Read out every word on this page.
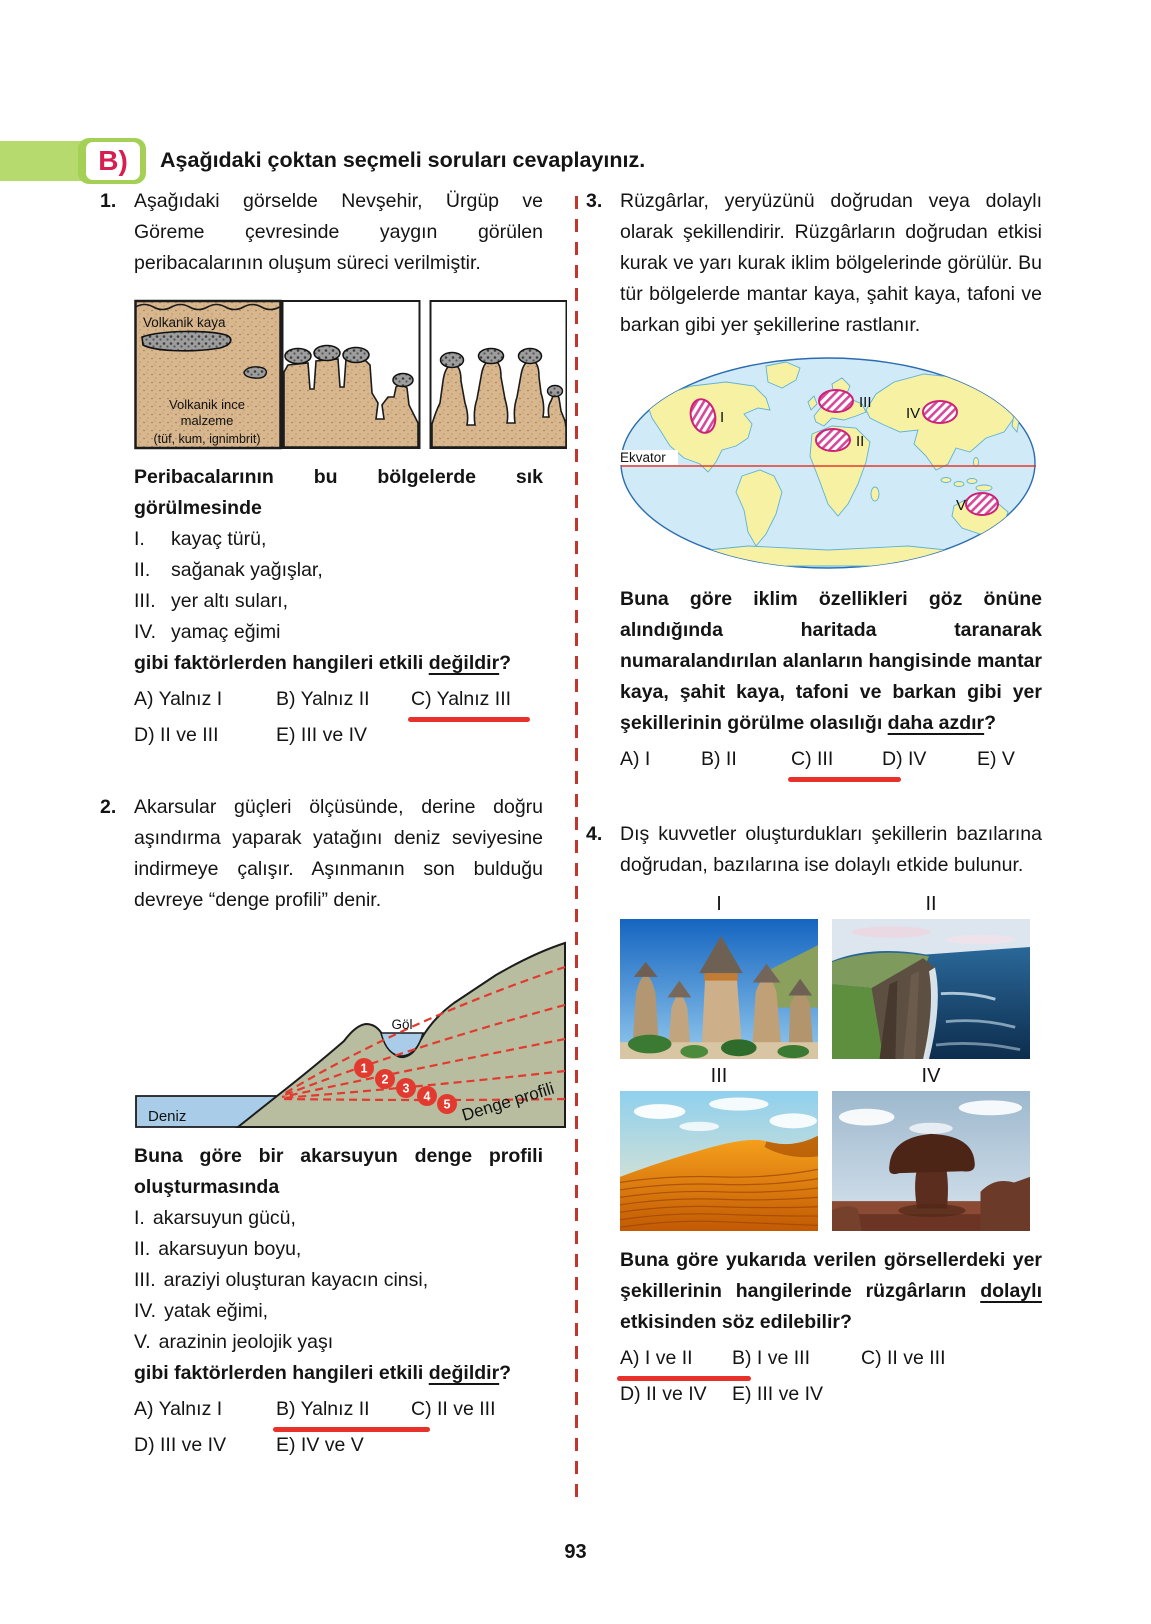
B)	Aşağıdaki çoktan seçmeli soruları cevaplayınız.
1. Aşağıdaki görselde Nevşehir, Ürgüp ve Göreme çevresinde yaygın görülen peribacalarının oluşum süreci verilmiştir.

Volkanik kaya
Volkanik ince
malzeme
(tüf, kum, ignimbrit)

Peribacalarının bu bölgelerde sık görülmesinde

I.	kayaç türü,
II.	sağanak yağışlar,
III. yer altı suları,
IV. yamaç eğimi

gibi faktörlerden hangileri etkili değildir?

A) Yalnız I	B) Yalnız II	C) Yalnız III
D) II ve III	E) III ve IV
2. Akarsular güçleri ölçüsünde, derine doğru aşındırma yaparak yatağını deniz seviyesine indirmeye çalışır. Aşınmanın son bulduğu devreye “denge profili” denir.

1
2
3
4
5
Deniz
Göl
Denge profili

Buna göre bir akarsuyun denge profili oluşturmasında

I. akarsuyun gücü,
II. akarsuyun boyu,
III. araziyi oluşturan kayacın cinsi,
IV. yatak eğimi,
V. arazinin jeolojik yaşı

gibi faktörlerden hangileri etkili değildir?

A) Yalnız I	B) Yalnız II	C) II ve III
D) III ve IV	E) IV ve V
3. Rüzgârlar, yeryüzünü doğrudan veya dolaylı olarak şekillendirir. Rüzgârların doğrudan etkisi kurak ve yarı kurak iklim bölgelerinde görülür. Bu tür bölgelerde mantar kaya, şahit kaya, tafoni ve barkan gibi yer şekillerine rastlanır.

Ekvator
I
II
III
IV
V

Buna göre iklim özellikleri göz önüne alındığında haritada taranarak numaralandırılan alanların hangisinde mantar kaya, şahit kaya, tafoni ve barkan gibi yer şekillerinin görülme olasılığı daha azdır?

A) I	B) II	C) III	D) IV	E) V
4. Dış kuvvetler oluşturdukları şekillerin bazılarına doğrudan, bazılarına ise dolaylı etkide bulunur.

I	II
III	IV

Buna göre yukarıda verilen görsellerdeki yer şekillerinin hangilerinde rüzgârların dolaylı etkisinden söz edilebilir?

A) I ve II	B) I ve III	C) II ve III
D) II ve IV	E) III ve IV
93
